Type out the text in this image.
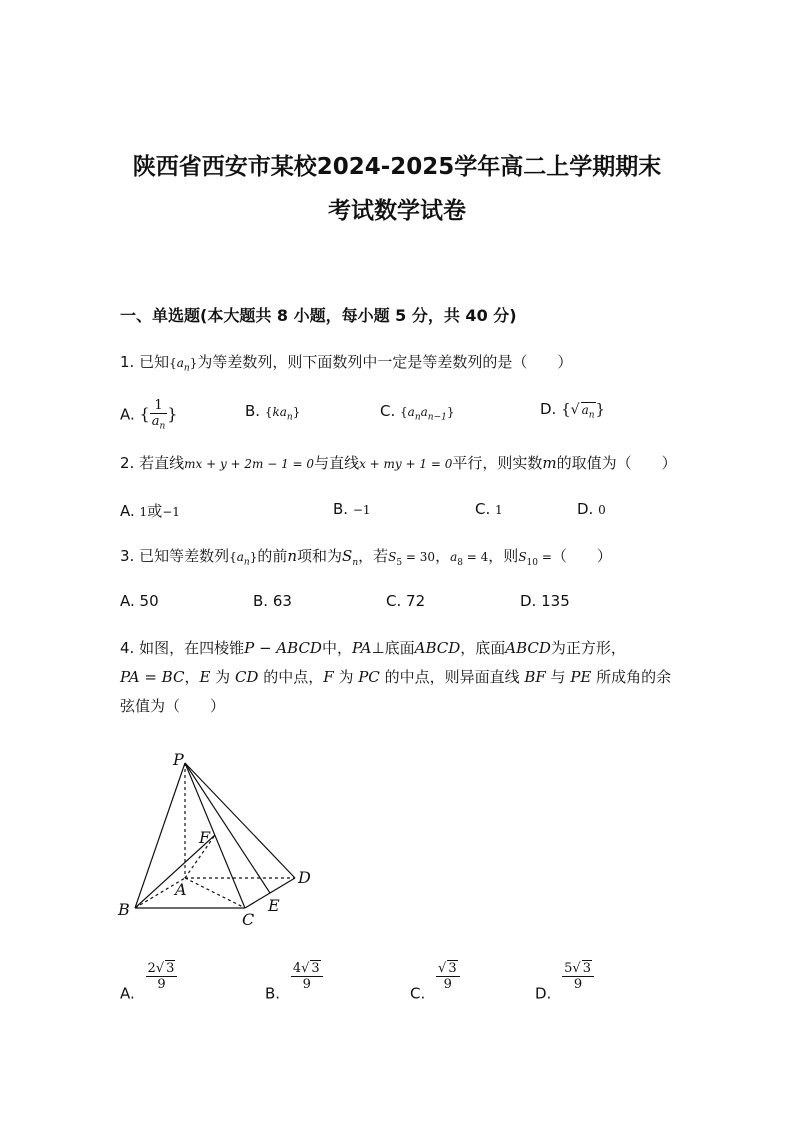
陕西省西安市某校2024-2025学年高二上学期期末
考试数学试卷
一、单选题(本大题共 8 小题，每小题 5 分，共 40 分)
1. 已知$\{a_n\}$为等差数列，则下面数列中一定是等差数列的是（　　）
A. { $\frac{1}{a_n}$ }	B. $\{ka_n\}$	C. $\{a_na_{n-1}\}$	D. {√ $a_n$}
2. 若直线mx + y + 2m − 1 = 0与直线x + my + 1 = 0平行，则实数m的取值为（　　）
A. 1或−1	B. −1	C. 1	D. 0
3. 已知等差数列$\{a_n\}$的前n项和为$S_n$，若$S_5 = 30$，$a_8 = 4$，则$S_{10}$ =（　　）
A. 50	B. 63	C. 72	D. 135
4. 如图，在四棱锥P − ABCD中，PA⊥底面ABCD，底面ABCD为正方形，
PA = BC，E 为 CD 的中点，F 为 PC 的中点，则异面直线 BF 与 PE 所成角的余
弦值为（　　）
P
F
A
B
C
D
E
A.
$\frac{2√ 3}{9}$
B.
$\frac{4√ 3}{9}$
C.
$\frac{√ 3}{9}$
D.
$\frac{5√ 3}{9}$
